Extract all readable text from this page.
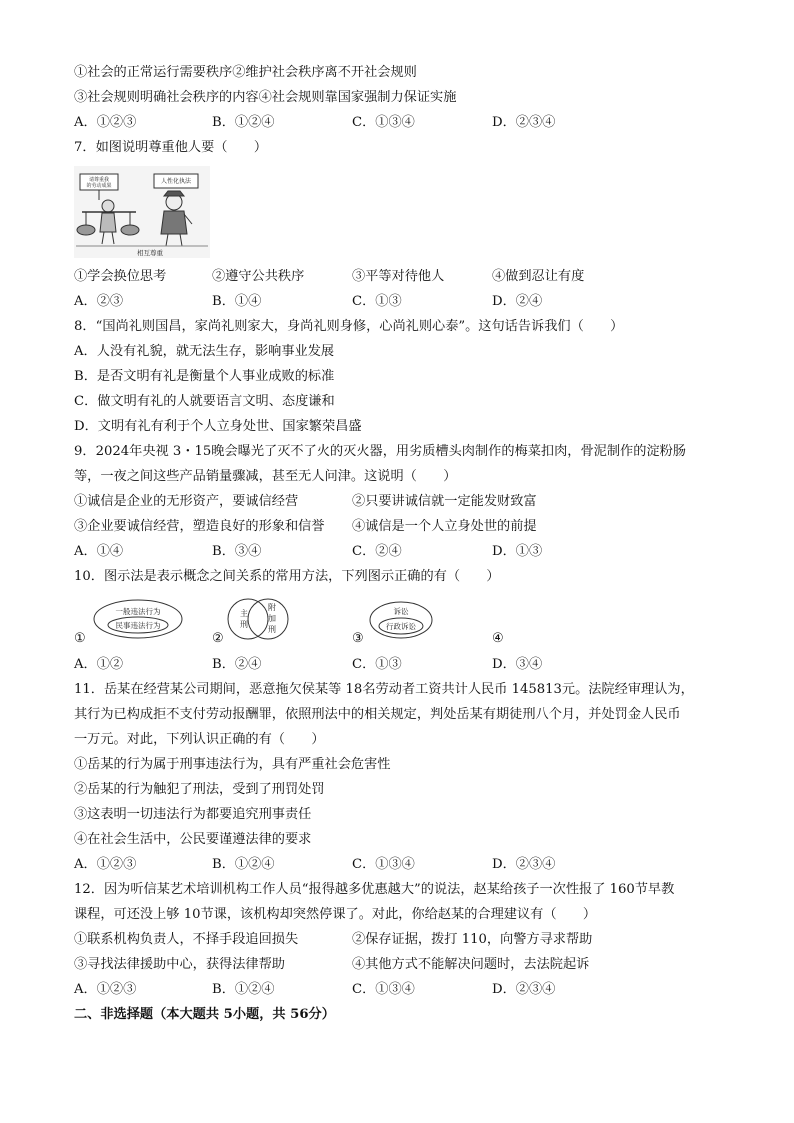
①社会的正常运行需要秩序②维护社会秩序离不开社会规则
③社会规则明确社会秩序的内容④社会规则靠国家强制力保证实施
A．①②③	B．①②④	C．①③④	D．②③④
7．如图说明尊重他人要（　　）
请尊重我
的劳动成果
人性化执法
相互尊重
①学会换位思考	②遵守公共秩序	③平等对待他人	④做到忍让有度
A．②③	B．①④	C．①③	D．②④
8．“国尚礼则国昌，家尚礼则家大，身尚礼则身修，心尚礼则心泰”。这句话告诉我们（　　）
A．人没有礼貌，就无法生存，影响事业发展
B．是否文明有礼是衡量个人事业成败的标准
C．做文明有礼的人就要语言文明、态度谦和
D．文明有礼有利于个人立身处世、国家繁荣昌盛
9．2024年央视 3・15晚会曝光了灭不了火的灭火器，用劣质槽头肉制作的梅菜扣肉，骨泥制作的淀粉肠
等，一夜之间这些产品销量骤减，甚至无人问津。这说明（　　）
①诚信是企业的无形资产，要诚信经营	②只要讲诚信就一定能发财致富
③企业要诚信经营，塑造良好的形象和信誉 ④诚信是一个人立身处世的前提
A．①④	B．③④	C．②④	D．①③
10．图示法是表示概念之间关系的常用方法，下列图示正确的有（　　）
①	②	③	④
一般违法行为
民事违法行为
主
刑
附
加
刑
诉讼
行政诉讼
A．①②	B．②④	C．①③	D．③④
11．岳某在经营某公司期间，恶意拖欠侯某等 18名劳动者工资共计人民币 145813元。法院经审理认为，
其行为已构成拒不支付劳动报酬罪，依照刑法中的相关规定，判处岳某有期徒刑八个月，并处罚金人民币
一万元。对此，下列认识正确的有（　　）
①岳某的行为属于刑事违法行为，具有严重社会危害性
②岳某的行为触犯了刑法，受到了刑罚处罚
③这表明一切违法行为都要追究刑事责任
④在社会生活中，公民要谨遵法律的要求
A．①②③	B．①②④	C．①③④	D．②③④
12．因为听信某艺术培训机构工作人员“报得越多优惠越大”的说法，赵某给孩子一次性报了 160节早教
课程，可还没上够 10节课，该机构却突然停课了。对此，你给赵某的合理建议有（　　）
①联系机构负责人，不择手段追回损失	②保存证据，拨打 110，向警方寻求帮助
③寻找法律援助中心，获得法律帮助	④其他方式不能解决问题时，去法院起诉
A．①②③	B．①②④	C．①③④	D．②③④
二、非选择题（本大题共 5小题，共 56分）
